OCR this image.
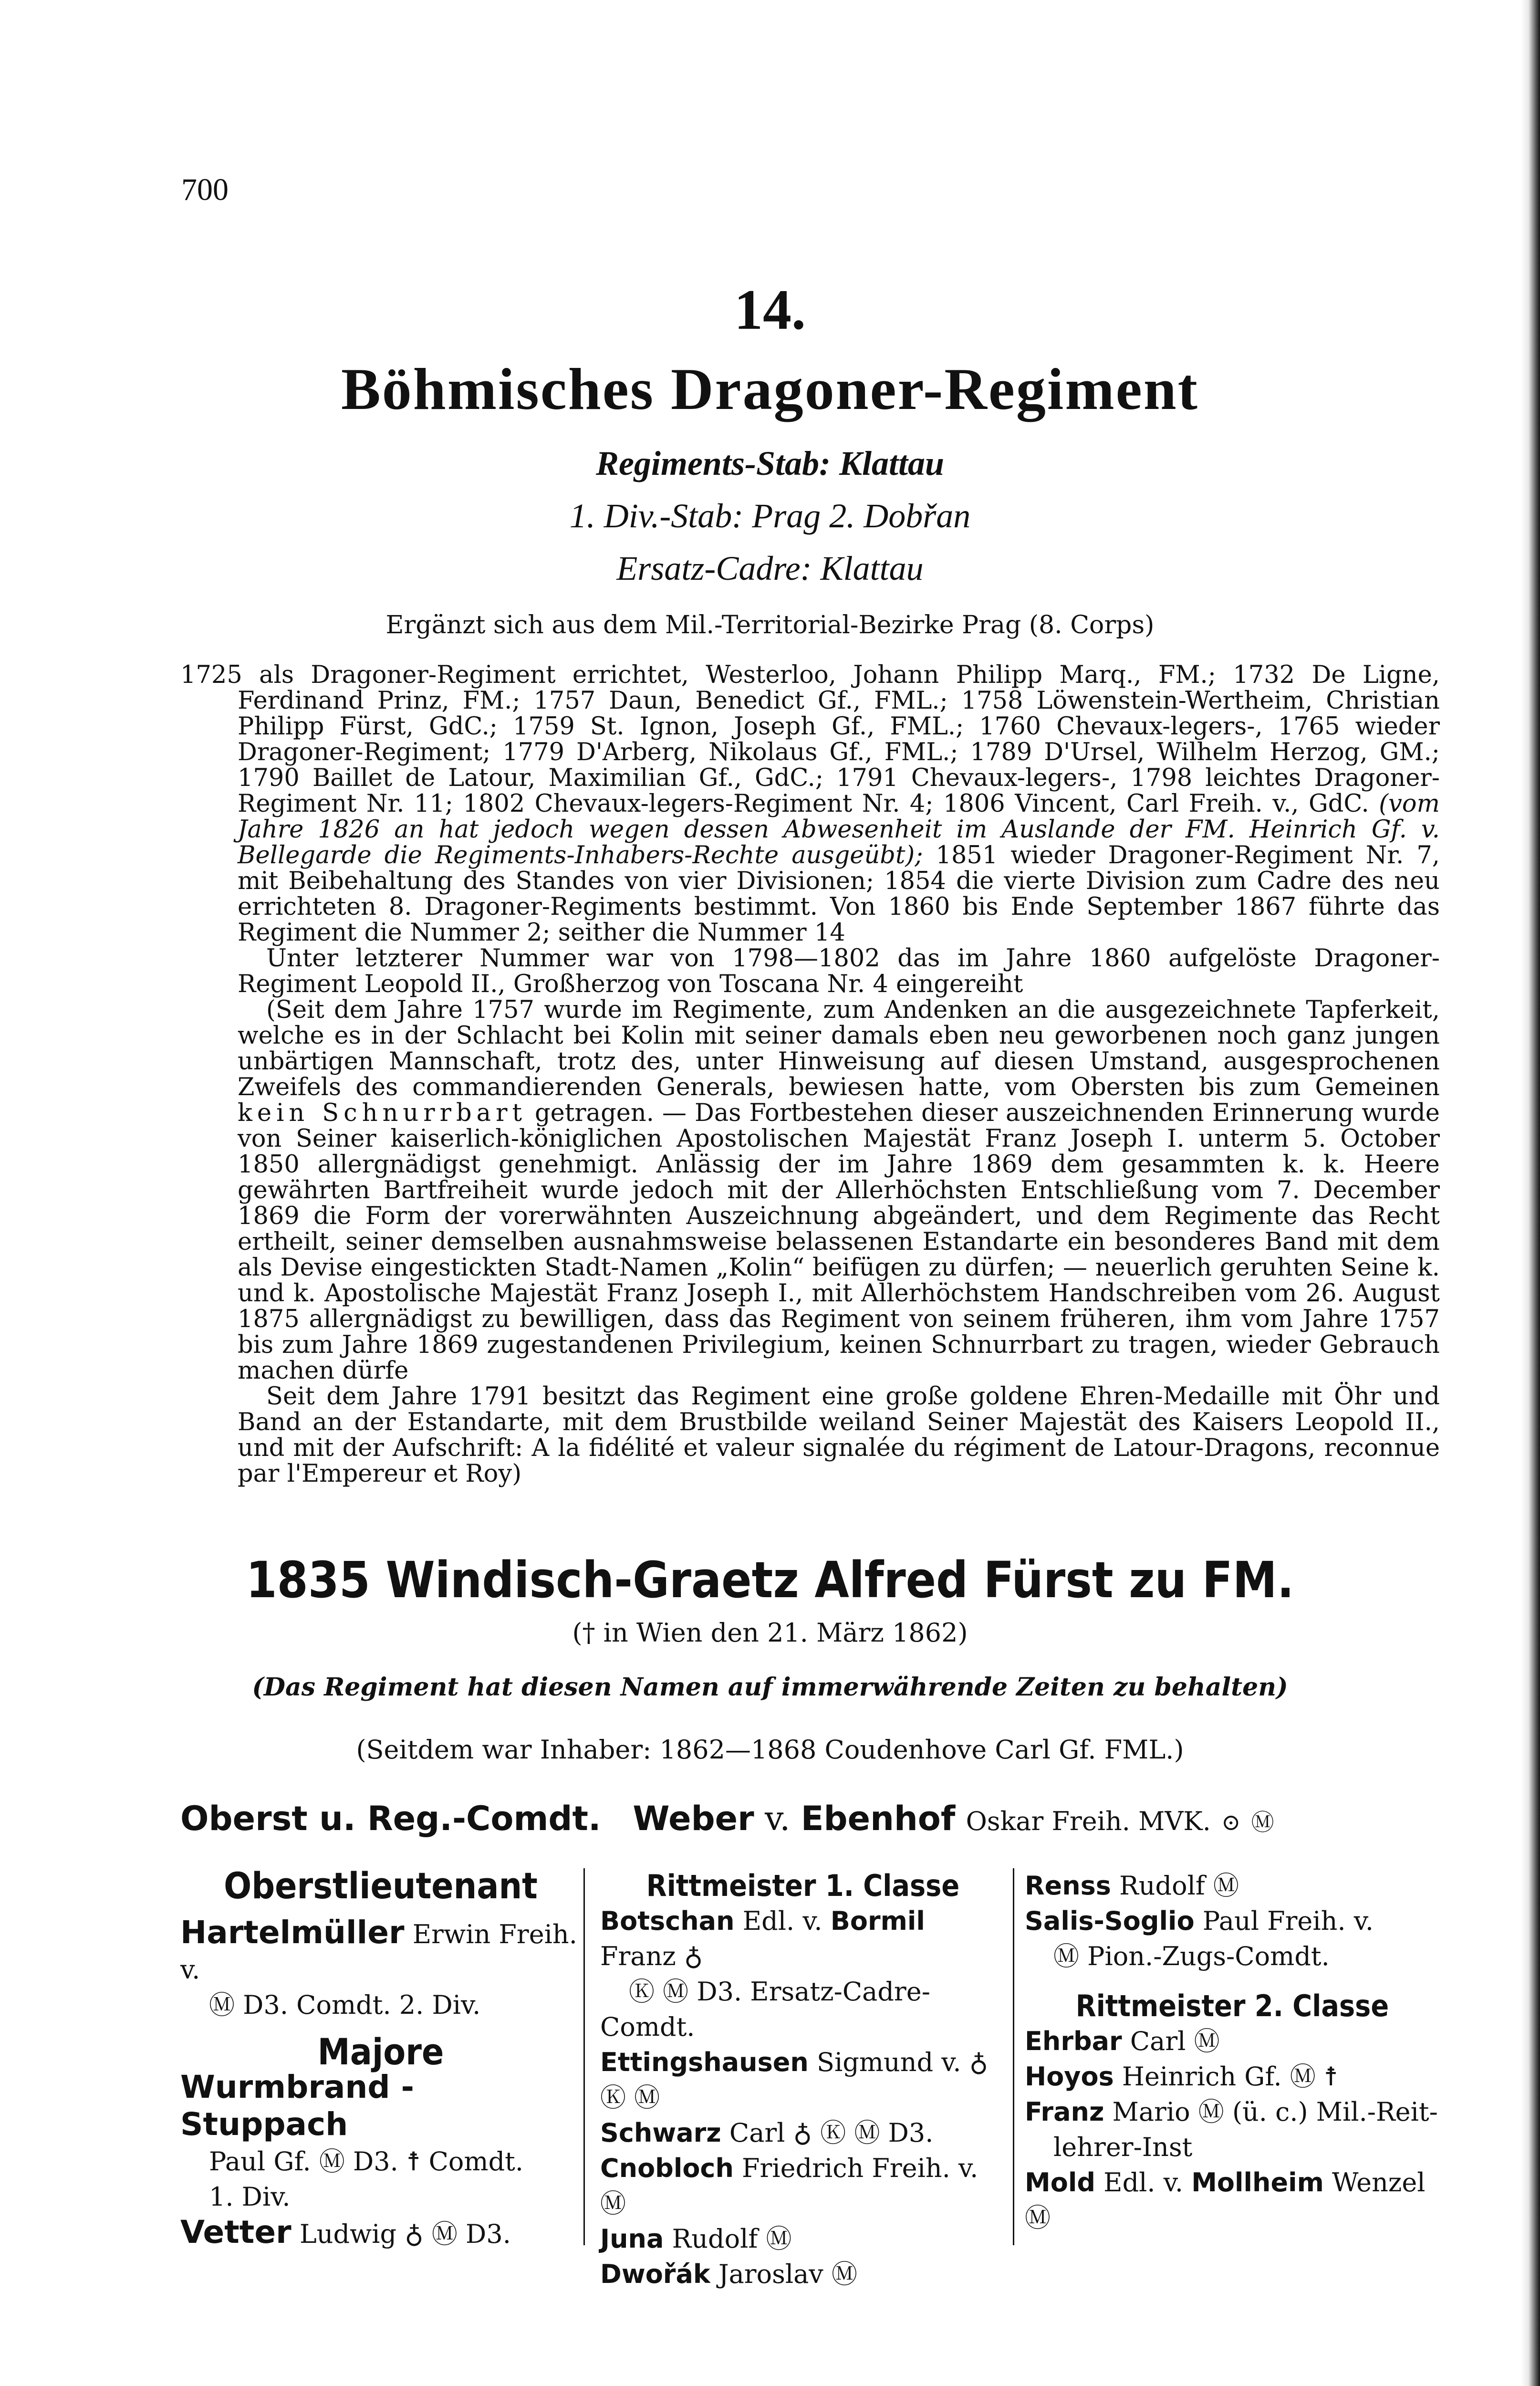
700
14.
Böhmisches Dragoner-Regiment
Regiments-Stab: Klattau
1. Div.-Stab: Prag 2. Dobřan
Ersatz-Cadre: Klattau
Ergänzt sich aus dem Mil.-Territorial-Bezirke Prag (8. Corps)

1725 als Dragoner-Regiment errichtet, Westerloo, Johann Philipp Marq., FM.; 1732 De Ligne, Ferdinand Prinz, FM.; 1757 Daun, Benedict Gf., FML.; 1758 Löwenstein-Wertheim, Christian Philipp Fürst, GdC.; 1759 St. Ignon, Joseph Gf., FML.; 1760 Chevaux-legers-, 1765 wieder Dragoner-Regiment; 1779 D'Arberg, Nikolaus Gf., FML.; 1789 D'Ursel, Wilhelm Herzog, GM.; 1790 Baillet de Latour, Maximilian Gf., GdC.; 1791 Chevaux-legers-, 1798 leichtes Dragoner-Regiment Nr. 11; 1802 Chevaux-legers-Regiment Nr. 4; 1806 Vincent, Carl Freih. v., GdC. (vom Jahre 1826 an hat jedoch wegen dessen Abwesenheit im Auslande der FM. Heinrich Gf. v. Bellegarde die Regiments-Inhabers-Rechte ausgeübt); 1851 wieder Dragoner-Regiment Nr. 7, mit Beibehaltung des Standes von vier Divisionen; 1854 die vierte Division zum Cadre des neu errichteten 8. Dragoner-Regiments bestimmt. Von 1860 bis Ende September 1867 führte das Regiment die Nummer 2; seither die Nummer 14

Unter letzterer Nummer war von 1798—1802 das im Jahre 1860 aufgelöste Dragoner-Regiment Leopold II., Großherzog von Toscana Nr. 4 eingereiht

(Seit dem Jahre 1757 wurde im Regimente, zum Andenken an die ausgezeichnete Tapferkeit, welche es in der Schlacht bei Kolin mit seiner damals eben neu geworbenen noch ganz jungen unbärtigen Mannschaft, trotz des, unter Hinweisung auf diesen Umstand, ausgesprochenen Zweifels des commandierenden Generals, bewiesen hatte, vom Obersten bis zum Gemeinen kein Schnurrbart getragen. — Das Fortbestehen dieser auszeichnenden Erinnerung wurde von Seiner kaiserlich-königlichen Apostolischen Majestät Franz Joseph I. unterm 5. October 1850 allergnädigst genehmigt. Anlässig der im Jahre 1869 dem gesammten k. k. Heere gewährten Bartfreiheit wurde jedoch mit der Allerhöchsten Entschließung vom 7. December 1869 die Form der vorerwähnten Auszeichnung abgeändert, und dem Regimente das Recht ertheilt, seiner demselben ausnahmsweise belassenen Estandarte ein besonderes Band mit dem als Devise eingestickten Stadt-Namen „Kolin“ beifügen zu dürfen; — neuerlich geruhten Seine k. und k. Apostolische Majestät Franz Joseph I., mit Allerhöchstem Handschreiben vom 26. August 1875 allergnädigst zu bewilligen, dass das Regiment von seinem früheren, ihm vom Jahre 1757 bis zum Jahre 1869 zugestandenen Privilegium, keinen Schnurrbart zu tragen, wieder Gebrauch machen dürfe

Seit dem Jahre 1791 besitzt das Regiment eine große goldene Ehren-Medaille mit Öhr und Band an der Estandarte, mit dem Brustbilde weiland Seiner Majestät des Kaisers Leopold II., und mit der Aufschrift: A la fidélité et valeur signalée du régiment de Latour-Dragons, reconnue par l'Empereur et Roy)

1835 Windisch-Graetz Alfred Fürst zu FM.
(† in Wien den 21. März 1862)
(Das Regiment hat diesen Namen auf immerwährende Zeiten zu behalten)
(Seitdem war Inhaber: 1862—1868 Coudenhove Carl Gf. FML.)
Oberst u. Reg.-Comdt. Weber v. Ebenhof Oskar Freih. MVK. ⊙ Ⓜ

Oberstlieutenant

Hartelmüller Erwin Freih. v.

Ⓜ D3. Comdt. 2. Div.

Majore

Wurmbrand - Stuppach

Paul Gf. Ⓜ D3. ☨ Comdt.

1. Div.

Vetter Ludwig ♁ Ⓜ D3.

Rittmeister 1. Classe

Botschan Edl. v. Bormil Franz ♁

Ⓚ Ⓜ D3. Ersatz-Cadre-

Comdt.

Ettingshausen Sigmund v. ♁

Ⓚ Ⓜ

Schwarz Carl ♁ Ⓚ Ⓜ D3.

Cnobloch Friedrich Freih. v. Ⓜ

Juna Rudolf Ⓜ

Dwořák Jaroslav Ⓜ

Renss Rudolf Ⓜ

Salis-Soglio Paul Freih. v.

Ⓜ Pion.-Zugs-Comdt.

Rittmeister 2. Classe

Ehrbar Carl Ⓜ

Hoyos Heinrich Gf. Ⓜ ☨

Franz Mario Ⓜ (ü. c.) Mil.-Reit-

lehrer-Inst

Mold Edl. v. Mollheim Wenzel Ⓜ
